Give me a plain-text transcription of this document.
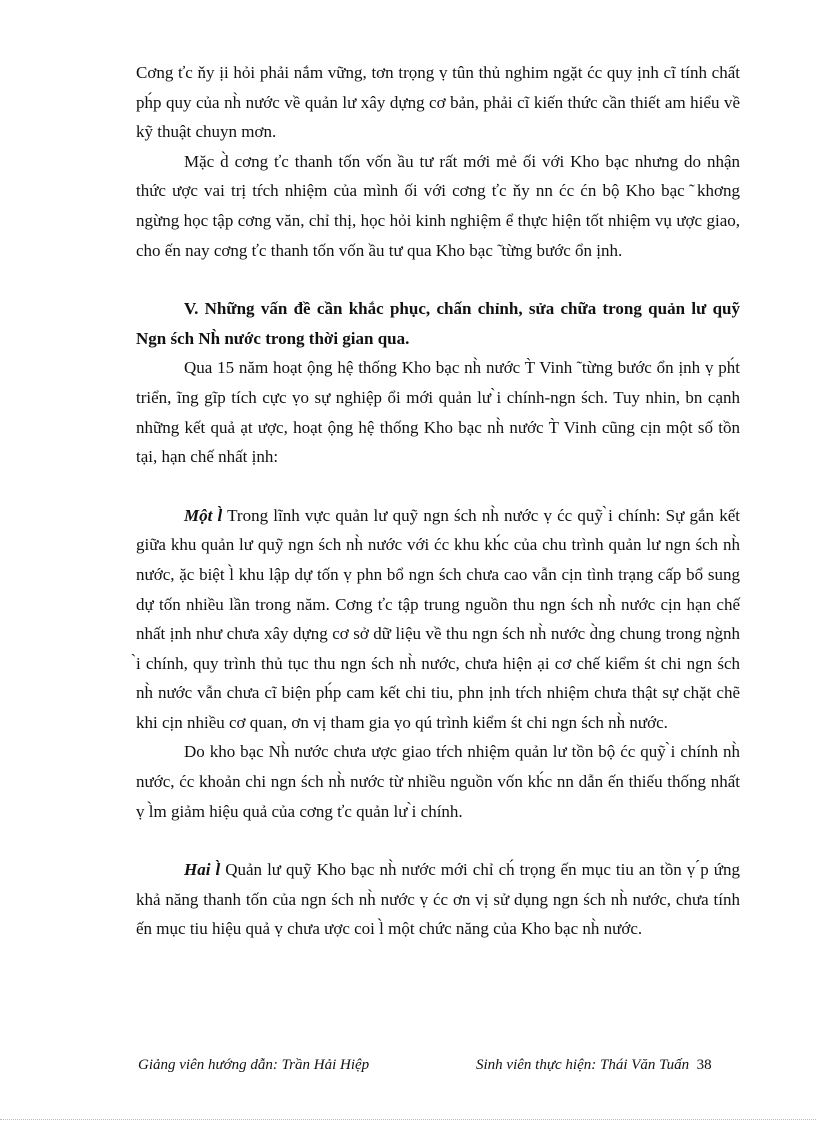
Cơng ťc ňy ịi hỏi phải nắm vững, tơn trọng ṿ tûn thủ nghim ngặt ćc quy ịnh cĩ tính chất ph́p quy của nh̀ nước về quản lư xây dựng cơ bản, phải cĩ kiến thức cần thiết am hiểu về kỹ thuật chuyn mơn.

Mặc d̀ cơng ťc thanh tốn vốn ầu tư rất mới mẻ ối với Kho bạc nhưng do nhận thức ược vai trị tŕch nhiệm của mình ối với cơng ťc ňy nn ćc ćn bộ Kho bạc ̃ khơng ngừng học tập cơng văn, chỉ thị, học hỏi kinh nghiệm ể thực hiện tốt nhiệm vụ ược giao, cho ến nay cơng ťc thanh tốn vốn ầu tư qua Kho bạc ̃ từng bước ổn ịnh.

V. Những vấn đề cần khắc phục, chấn chỉnh, sửa chữa trong quản lư quỹ Ngn śch Nh̀ nước trong thời gian qua.

Qua 15 năm hoạt ộng hệ thống Kho bạc nh̀ nước T̀ Vinh ̃ từng bước ổn ịnh ṿ ph́t triển, ĩng gĩp tích cực ṿo sự nghiệp ổi mới quản lư ̀i chính-ngn śch. Tuy nhin, bn cạnh những kết quả ạt ược, hoạt ộng hệ thống Kho bạc nh̀ nước T̀ Vinh cũng cịn một số tồn tại, hạn chế nhất ịnh:

Một l̀ Trong lĩnh vực quản lư quỹ ngn śch nh̀ nước ṿ ćc quỹ ̀i chính: Sự gắn kết giữa khu quản lư quỹ ngn śch nh̀ nước với ćc khu kh́c của chu trình quản lư ngn śch nh̀ nước, ặc biệt l̀ khu lập dự tốn ṿ phn bổ ngn śch chưa cao vẫn cịn tình trạng cấp bổ sung dự tốn nhiều lần trong năm. Cơng ťc tập trung nguồn thu ngn śch nh̀ nước cịn hạn chế nhất ịnh như chưa xây dựng cơ sở dữ liệu về thu ngn śch nh̀ nước d̀ng chung trong ng̀nh ̀i chính, quy trình thủ tục thu ngn śch nh̀ nước, chưa hiện ại cơ chế kiểm śt chi ngn śch nh̀ nước vẫn chưa cĩ biện ph́p cam kết chi tiu, phn ịnh tŕch nhiệm chưa thật sự chặt chẽ khi cịn nhiều cơ quan, ơn vị tham gia ṿo qú trình kiểm śt chi ngn śch nh̀ nước.

Do kho bạc Nh̀ nước chưa ược giao tŕch nhiệm quản lư tồn bộ ćc quỹ ̀i chính nh̀ nước, ćc khoản chi ngn śch nh̀ nước từ nhiều nguồn vốn kh́c nn dẫn ến thiếu thống nhất ṿ l̀m giảm hiệu quả của cơng ťc quản lư ̀i chính.

Hai l̀ Quản lư quỹ Kho bạc nh̀ nước mới chỉ ch́ trọng ến mục tiu an tồn ṿ ́p ứng khả năng thanh tốn của ngn śch nh̀ nước ṿ ćc ơn vị sử dụng ngn śch nh̀ nước, chưa tính ến mục tiu hiệu quả ṿ chưa ược coi l̀ một chức năng của Kho bạc nh̀ nước.

Giảng viên hướng dẫn: Trần Hải Hiệp	Sinh viên thực hiện: Thái Văn Tuấn 38
